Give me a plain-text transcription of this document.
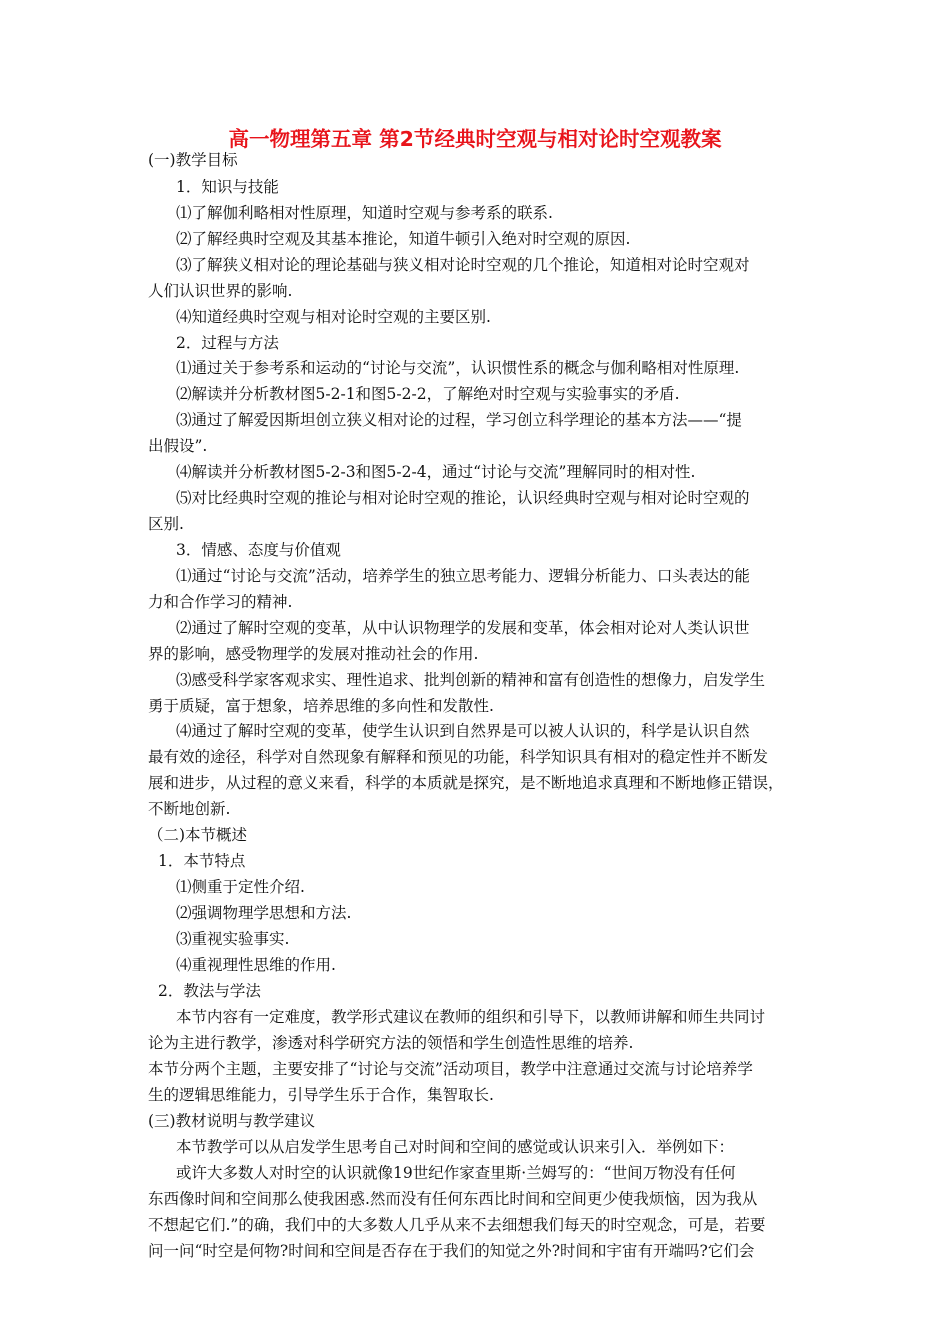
高一物理第五章 第2节经典时空观与相对论时空观教案
(一)教学目标
1．知识与技能
⑴了解伽利略相对性原理，知道时空观与参考系的联系.
⑵了解经典时空观及其基本推论，知道牛顿引入绝对时空观的原因.
⑶了解狭义相对论的理论基础与狭义相对论时空观的几个推论，知道相对论时空观对
人们认识世界的影响.
⑷知道经典时空观与相对论时空观的主要区别.
2．过程与方法
⑴通过关于参考系和运动的“讨论与交流”，认识惯性系的概念与伽利略相对性原理.
⑵解读并分析教材图5-2-1和图5-2-2，了解绝对时空观与实验事实的矛盾.
⑶通过了解爱因斯坦创立狭义相对论的过程，学习创立科学理论的基本方法——“提
出假设”.
⑷解读并分析教材图5-2-3和图5-2-4，通过“讨论与交流”理解同时的相对性.
⑸对比经典时空观的推论与相对论时空观的推论，认识经典时空观与相对论时空观的
区别.
3．情感、态度与价值观
⑴通过“讨论与交流”活动，培养学生的独立思考能力、逻辑分析能力、口头表达的能
力和合作学习的精神.
⑵通过了解时空观的变革，从中认识物理学的发展和变革，体会相对论对人类认识世
界的影响，感受物理学的发展对推动社会的作用.
⑶感受科学家客观求实、理性追求、批判创新的精神和富有创造性的想像力，启发学生
勇于质疑，富于想象，培养思维的多向性和发散性.
⑷通过了解时空观的变革，使学生认识到自然界是可以被人认识的，科学是认识自然
最有效的途径，科学对自然现象有解释和预见的功能，科学知识具有相对的稳定性并不断发
展和进步，从过程的意义来看，科学的本质就是探究，是不断地追求真理和不断地修正错误，
不断地创新.
（二)本节概述
1．本节特点
⑴侧重于定性介绍.
⑵强调物理学思想和方法.
⑶重视实验事实.
⑷重视理性思维的作用.
2．教法与学法
本节内容有一定难度，教学形式建议在教师的组织和引导下，以教师讲解和师生共同讨
论为主进行教学，渗透对科学研究方法的领悟和学生创造性思维的培养.
本节分两个主题，主要安排了“讨论与交流”活动项目，教学中注意通过交流与讨论培养学
生的逻辑思维能力，引导学生乐于合作，集智取长.
(三)教材说明与教学建议
本节教学可以从启发学生思考自己对时间和空间的感觉或认识来引入．举例如下：
或许大多数人对时空的认识就像19世纪作家查里斯·兰姆写的：“世间万物没有任何
东西像时间和空间那么使我困惑.然而没有任何东西比时间和空间更少使我烦恼，因为我从
不想起它们.”的确，我们中的大多数人几乎从来不去细想我们每天的时空观念，可是，若要
问一问“时空是何物?时间和空间是否存在于我们的知觉之外?时间和宇宙有开端吗?它们会
